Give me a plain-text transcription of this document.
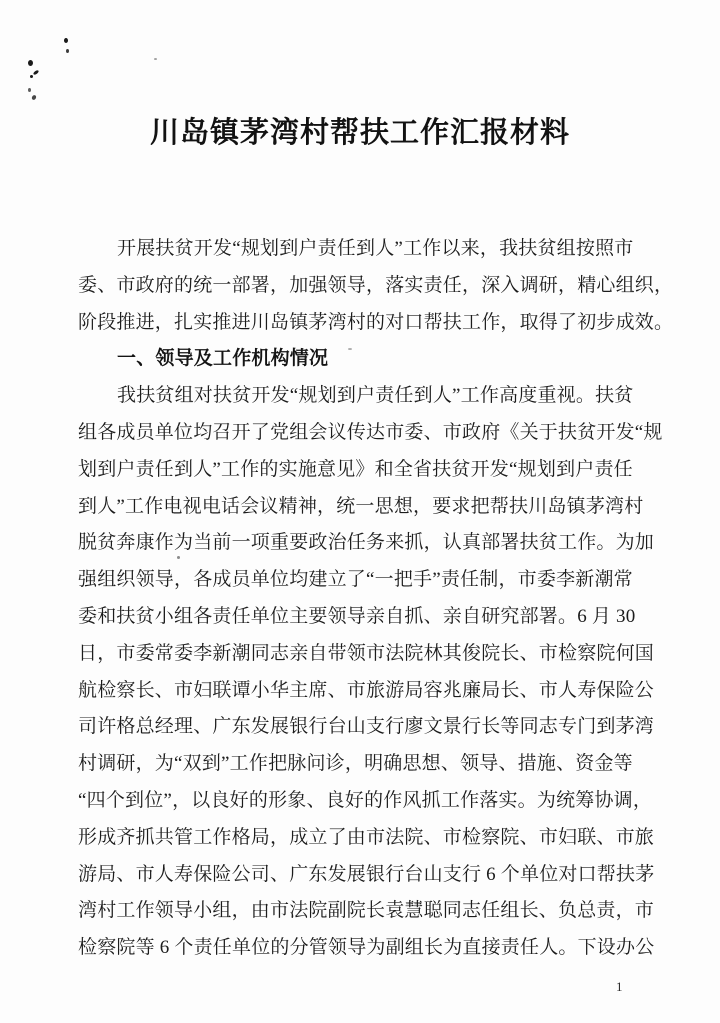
川岛镇茅湾村帮扶工作汇报材料
开展扶贫开发“规划到户责任到人”工作以来，我扶贫组按照市
委、市政府的统一部署，加强领导，落实责任，深入调研，精心组织，
阶段推进，扎实推进川岛镇茅湾村的对口帮扶工作，取得了初步成效。
一、领导及工作机构情况
我扶贫组对扶贫开发“规划到户责任到人”工作高度重视。扶贫
组各成员单位均召开了党组会议传达市委、市政府《关于扶贫开发“规
划到户责任到人”工作的实施意见》和全省扶贫开发“规划到户责任
到人”工作电视电话会议精神，统一思想，要求把帮扶川岛镇茅湾村
脱贫奔康作为当前一项重要政治任务来抓，认真部署扶贫工作。为加
强组织领导，各成员单位均建立了“一把手”责任制，市委李新潮常
委和扶贫小组各责任单位主要领导亲自抓、亲自研究部署。6 月 30
日，市委常委李新潮同志亲自带领市法院林其俊院长、市检察院何国
航检察长、市妇联谭小华主席、市旅游局容兆廉局长、市人寿保险公
司许格总经理、广东发展银行台山支行廖文景行长等同志专门到茅湾
村调研，为“双到”工作把脉问诊，明确思想、领导、措施、资金等
“四个到位”，以良好的形象、良好的作风抓工作落实。为统筹协调，
形成齐抓共管工作格局，成立了由市法院、市检察院、市妇联、市旅
游局、市人寿保险公司、广东发展银行台山支行 6 个单位对口帮扶茅
湾村工作领导小组，由市法院副院长袁慧聪同志任组长、负总责，市
检察院等 6 个责任单位的分管领导为副组长为直接责任人。下设办公
1
